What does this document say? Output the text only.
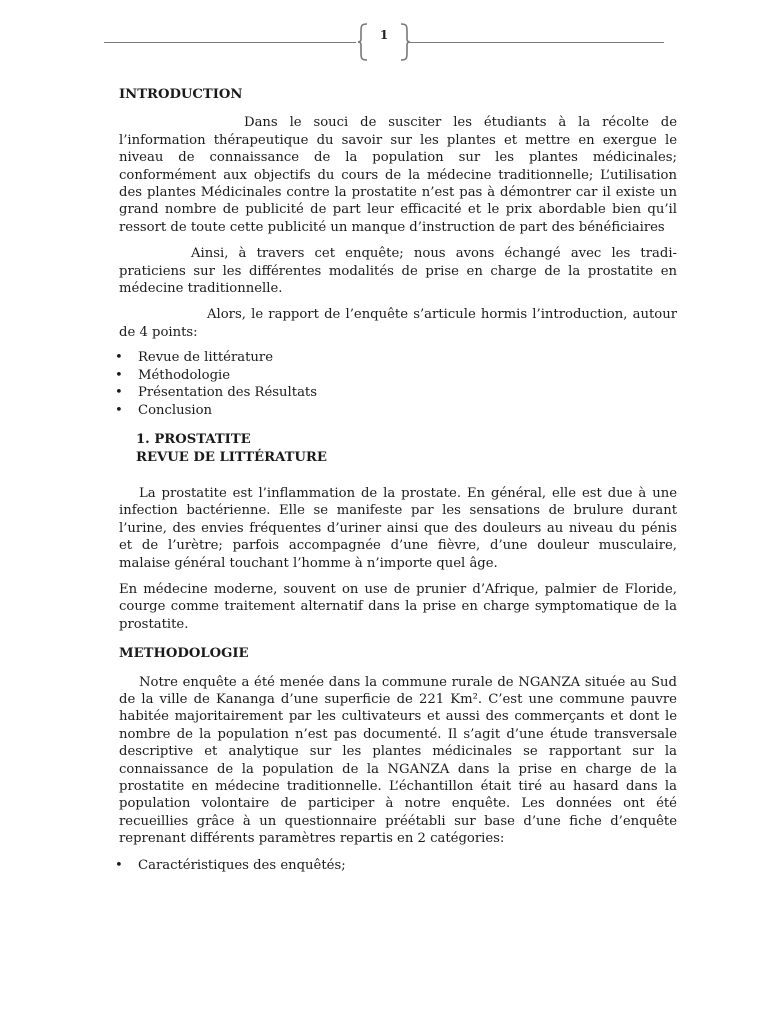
1
INTRODUCTION

Dans le souci de susciter les étudiants à la récolte de l’information thérapeutique du savoir sur les plantes et mettre en exergue le niveau de connaissance de la population sur les plantes médicinales; conformément aux objectifs du cours de la médecine traditionnelle; L’utilisation des plantes Médicinales contre la prostatite n’est pas à démontrer car il existe un grand nombre de publicité de part leur efficacité et le prix abordable bien qu’il ressort de toute cette publicité un manque d’instruction de part des bénéficiaires

Ainsi, à travers cet enquête; nous avons échangé avec les tradi-praticiens sur les différentes modalités de prise en charge de la prostatite en médecine traditionnelle.

Alors, le rapport de l’enquête s’articule hormis l’introduction, autour de 4 points:

• Revue de littérature
• Méthodologie
• Présentation des Résultats
• Conclusion
1. PROSTATITE
REVUE DE LITTÉRATURE

La prostatite est l’inflammation de la prostate. En général, elle est due à une infection bactérienne. Elle se manifeste par les sensations de brulure durant l’urine, des envies fréquentes d’uriner ainsi que des douleurs au niveau du pénis et de l’urètre; parfois accompagnée d’une fièvre, d’une douleur musculaire, malaise général touchant l’homme à n’importe quel âge.

En médecine moderne, souvent on use de prunier d’Afrique, palmier de Floride, courge comme traitement alternatif dans la prise en charge symptomatique de la prostatite.

METHODOLOGIE

Notre enquête a été menée dans la commune rurale de NGANZA située au Sud de la ville de Kananga d’une superficie de 221 Km². C’est une commune pauvre habitée majoritairement par les cultivateurs et aussi des commerçants et dont le nombre de la population n’est pas documenté. Il s’agit d’une étude transversale descriptive et analytique sur les plantes médicinales se rapportant sur la connaissance de la population de la NGANZA dans la prise en charge de la prostatite en médecine traditionnelle. L’échantillon était tiré au hasard dans la population volontaire de participer à notre enquête. Les données ont été recueillies grâce à un questionnaire préétabli sur base d’une fiche d’enquête reprenant différents paramètres repartis en 2 catégories:

• Caractéristiques des enquêtés;
